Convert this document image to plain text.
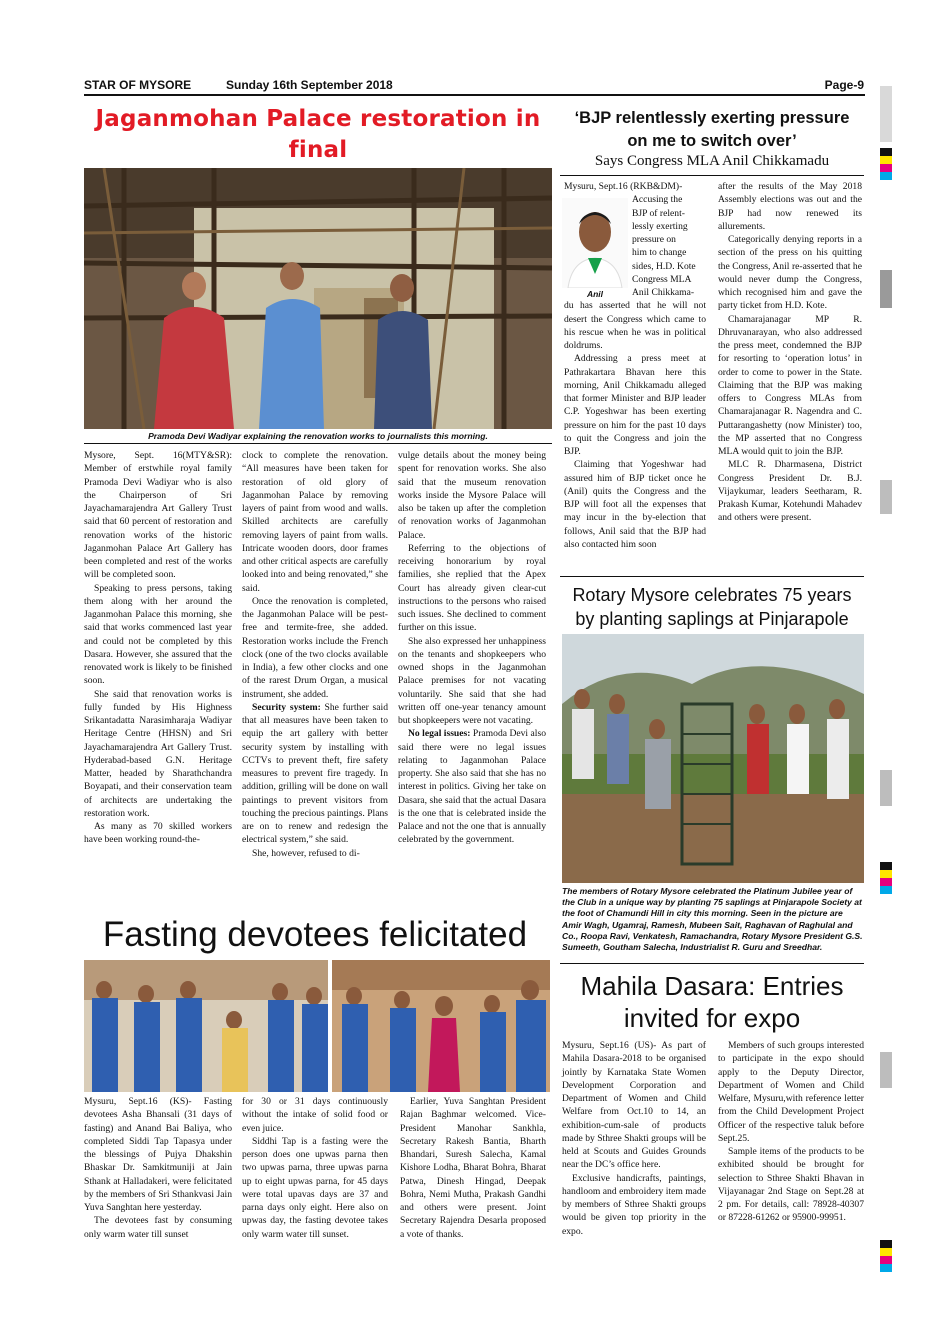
STAR OF MYSORE	Sunday 16th September 2018	Page-9
Jaganmohan Palace restoration in final
Pramoda Devi Wadiyar explaining the renovation works to journalists this morning.

Mysore, Sept. 16(MTY&SR): Member of erstwhile royal family Pramoda Devi Wadiyar who is also the Chairperson of Sri Jayachamarajendra Art Gallery Trust said that 60 percent of restoration and renovation works of the historic Jaganmohan Palace Art Gallery has been completed and rest of the works will be completed soon.

Speaking to press persons, taking them along with her around the Jaganmohan Palace this morning, she said that works commenced last year and could not be completed by this Dasara. However, she assured that the renovated work is likely to be finished soon.

She said that renovation works is fully funded by His Highness Srikantadatta Narasimharaja Wadiyar Heritage Centre (HHSN) and Sri Jayachamarajendra Art Gallery Trust. Hyderabad-based G.N. Heritage Matter, headed by Sharathchandra Boyapati, and their conservation team of architects are undertaking the restoration work.

As many as 70 skilled workers have been working round-the-

clock to complete the renovation. “All measures have been taken for restoration of old glory of Jaganmohan Palace by removing layers of paint from wood and walls. Skilled architects are carefully removing layers of paint from walls. Intricate wooden doors, door frames and other critical aspects are carefully looked into and being renovated,” she said.

Once the renovation is completed, the Jaganmohan Palace will be pest-free and termite-free, she added. Restoration works include the French clock (one of the two clocks available in India), a few other clocks and one of the rarest Drum Organ, a musical instrument, she added.

Security system: She further said that all measures have been taken to equip the art gallery with better security system by installing with CCTVs to prevent theft, fire safety measures to prevent fire tragedy. In addition, grilling will be done on wall paintings to prevent visitors from touching the precious paintings. Plans are on to renew and redesign the electrical system,” she said.

She, however, refused to di-

vulge details about the money being spent for renovation works. She also said that the museum renovation works inside the Mysore Palace will also be taken up after the completion of renovation works of Jaganmohan Palace.

Referring to the objections of receiving honorarium by royal families, she replied that the Apex Court has already given clear-cut instructions to the persons who raised such issues. She declined to comment further on this issue.

She also expressed her unhappiness on the tenants and shopkeepers who owned shops in the Jaganmohan Palace premises for not vacating voluntarily. She said that she had written off one-year tenancy amount but shopkeepers were not vacating.

No legal issues: Pramoda Devi also said there were no legal issues relating to Jaganmohan Palace property. She also said that she has no interest in politics. Giving her take on Dasara, she said that the actual Dasara is the one that is celebrated inside the Palace and not the one that is annually celebrated by the government.

‘BJP relentlessly exerting pressure
on me to switch over’
Says Congress MLA Anil Chikkamadu
Anil
Mysuru, Sept.16 (RKB&DM)-
Accusing the
BJP of relent-
lessly exerting
pressure on
him to change
sides, H.D. Kote
Congress MLA
Anil Chikkama-

du has asserted that he will not desert the Congress which came to his rescue when he was in political doldrums.

Addressing a press meet at Pathrakartara Bhavan here this morning, Anil Chikkamadu alleged that former Minister and BJP leader C.P. Yogeshwar has been exerting pressure on him for the past 10 days to quit the Congress and join the BJP.

Claiming that Yogeshwar had assured him of BJP ticket once he (Anil) quits the Congress and the BJP will foot all the expenses that may incur in the by-election that follows, Anil said that the BJP had also contacted him soon

after the results of the May 2018 Assembly elections was out and the BJP had now renewed its allurements.

Categorically denying reports in a section of the press on his quitting the Congress, Anil re-asserted that he would never dump the Congress, which recognised him and gave the party ticket from H.D. Kote.

Chamarajanagar MP R. Dhruvanarayan, who also addressed the press meet, condemned the BJP for resorting to ‘operation lotus’ in order to come to power in the State. Claiming that the BJP was making offers to Congress MLAs from Chamarajanagar R. Nagendra and C. Puttarangashetty (now Minister) too, the MP asserted that no Congress MLA would quit to join the BJP.

MLC R. Dharmasena, District Congress President Dr. B.J. Vijaykumar, leaders Seetharam, R. Prakash Kumar, Kotehundi Mahadev and others were present.

Rotary Mysore celebrates 75 years
by planting saplings at Pinjarapole
The members of Rotary Mysore celebrated the Platinum Jubilee year of the Club in a unique way by planting 75 saplings at Pinjarapole Society at the foot of Chamundi Hill in city this morning. Seen in the picture are Amir Wagh, Ugamraj, Ramesh, Mubeen Sait, Raghavan of Raghulal and Co., Roopa Ravi, Venkatesh, Ramachandra, Rotary Mysore President G.S. Sumeeth, Goutham Salecha, Industrialist R. Guru and Sreedhar.
Fasting devotees felicitated

Mysuru, Sept.16 (KS)- Fasting devotees Asha Bhansali (31 days of fasting) and Anand Bai Baliya, who completed Siddi Tap Tapasya under the blessings of Pujya Dhakshin Bhaskar Dr. Samkitmuniji at Jain Sthank at Halladakeri, were felicitated by the members of Sri Sthankvasi Jain Yuva Sanghtan here yesterday.

The devotees fast by consuming only warm water till sunset

for 30 or 31 days continuously without the intake of solid food or even juice.

Siddhi Tap is a fasting were the person does one upwas parna then two upwas parna, three upwas parna up to eight upwas parna, for 45 days were total upavas days are 37 and parna days only eight. Here also on upwas day, the fasting devotee takes only warm water till sunset.

Earlier, Yuva Sanghtan President Rajan Baghmar welcomed. Vice-President Manohar Sankhla, Secretary Rakesh Bantia, Bharth Bhandari, Suresh Salecha, Kamal Kishore Lodha, Bharat Bohra, Bharat Patwa, Dinesh Hingad, Deepak Bohra, Nemi Mutha, Prakash Gandhi and others were present. Joint Secretary Rajendra Desarla proposed a vote of thanks.

Mahila Dasara: Entries
invited for expo

Mysuru, Sept.16 (US)- As part of Mahila Dasara-2018 to be organised jointly by Karnataka State Women Development Corporation and Department of Women and Child Welfare from Oct.10 to 14, an exhibition-cum-sale of products made by Sthree Shakti groups will be held at Scouts and Guides Grounds near the DC’s office here.

Exclusive handicrafts, paintings, handloom and embroidery item made by members of Sthree Shakti groups would be given top priority in the expo.

Members of such groups interested to participate in the expo should apply to the Deputy Director, Department of Women and Child Welfare, Mysuru,with reference letter from the Child Development Project Officer of the respective taluk before Sept.25.

Sample items of the products to be exhibited should be brought for selection to Sthree Shakti Bhavan in Vijayanagar 2nd Stage on Sept.28 at 2 pm. For details, call: 78928-40307 or 87228-61262 or 95900-99951.
